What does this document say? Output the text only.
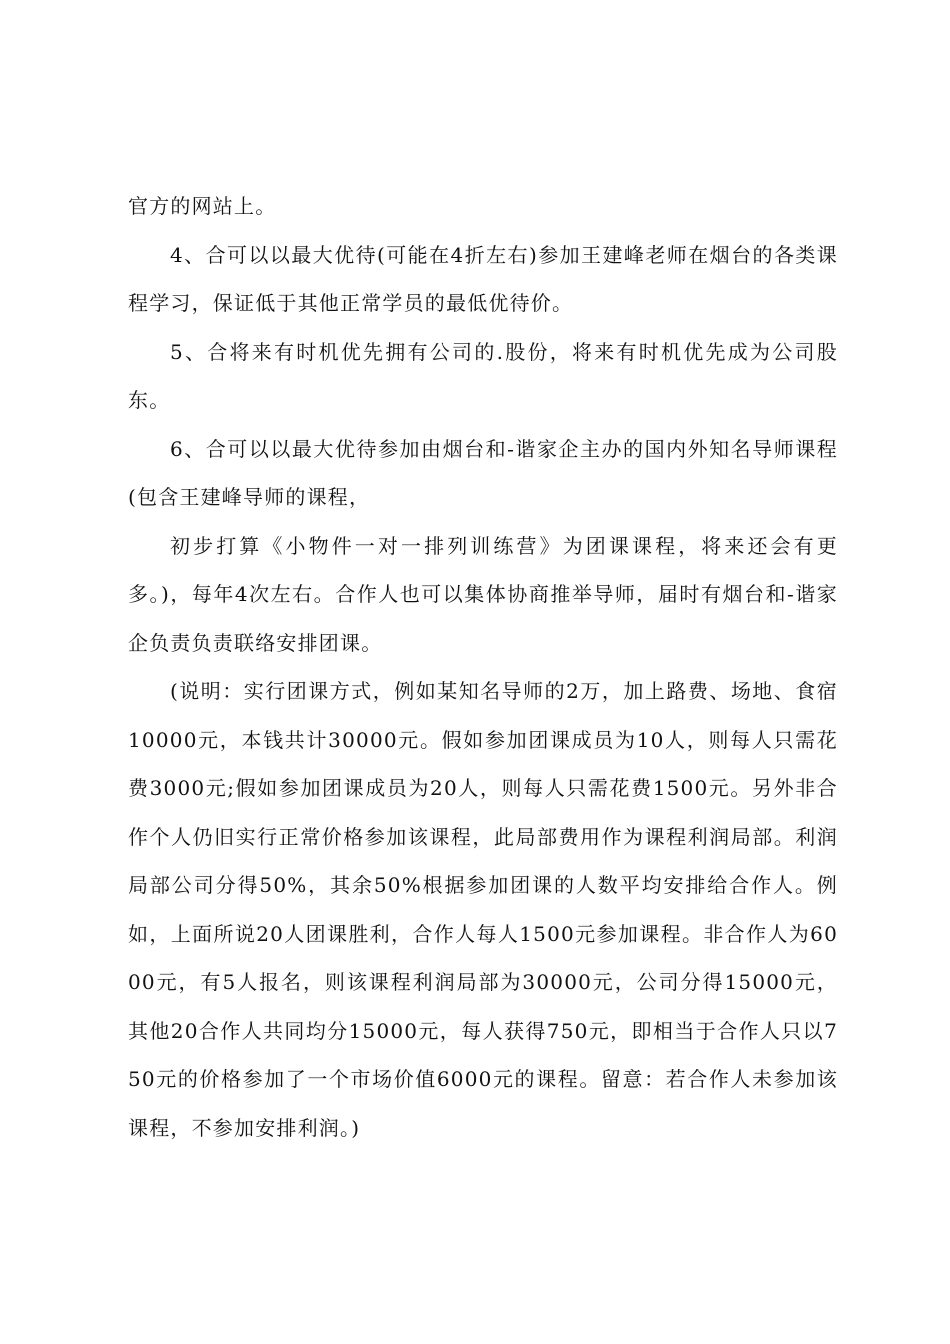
官方的网站上。

4、合可以以最大优待(可能在4折左右)参加王建峰老师在烟台的各类课程学习，保证低于其他正常学员的最低优待价。

5、合将来有时机优先拥有公司的.股份，将来有时机优先成为公司股东。

6、合可以以最大优待参加由烟台和-谐家企主办的国内外知名导师课程(包含王建峰导师的课程，

初步打算《小物件一对一排列训练营》为团课课程，将来还会有更多。)，每年4次左右。合作人也可以集体协商推举导师，届时有烟台和-谐家企负责负责联络安排团课。

(说明：实行团课方式，例如某知名导师的2万，加上路费、场地、食宿10000元，本钱共计30000元。假如参加团课成员为10人，则每人只需花费3000元;假如参加团课成员为20人，则每人只需花费1500元。另外非合作个人仍旧实行正常价格参加该课程，此局部费用作为课程利润局部。利润局部公司分得50%，其余50%根据参加团课的人数平均安排给合作人。例如，上面所说20人团课胜利，合作人每人1500元参加课程。非合作人为6000元，有5人报名，则该课程利润局部为30000元，公司分得15000元，其他20合作人共同均分15000元，每人获得750元，即相当于合作人只以750元的价格参加了一个市场价值6000元的课程。留意：若合作人未参加该课程，不参加安排利润。)
